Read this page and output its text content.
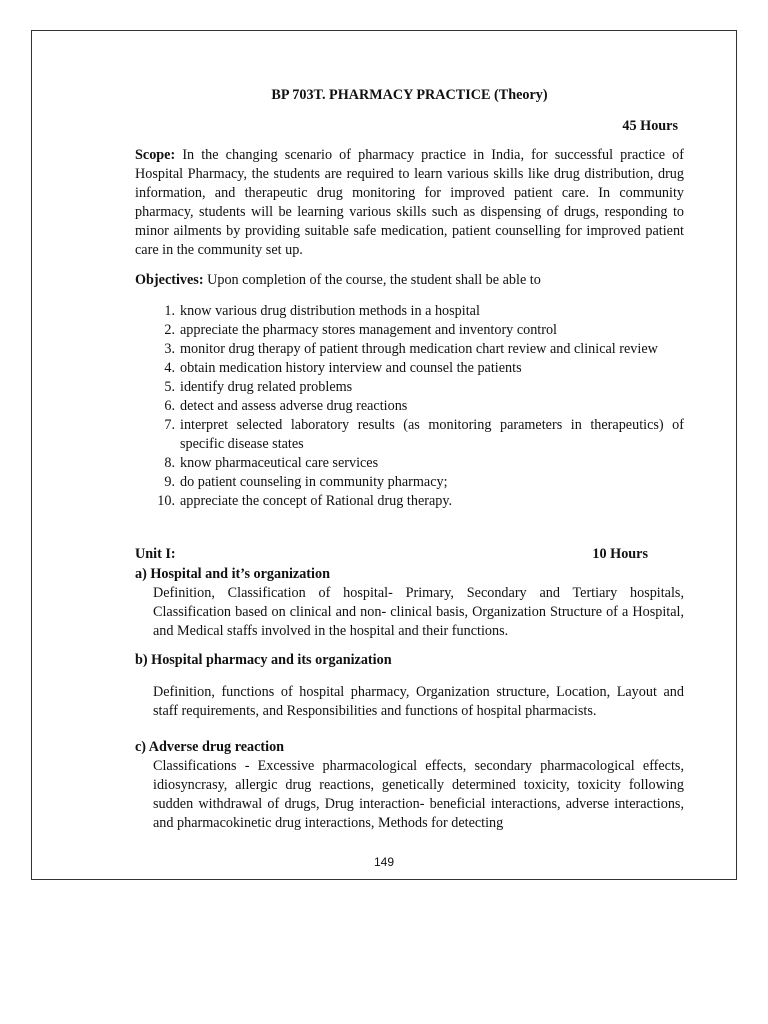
BP 703T. PHARMACY PRACTICE (Theory)
45 Hours
Scope: In the changing scenario of pharmacy practice in India, for successful practice of Hospital Pharmacy, the students are required to learn various skills like drug distribution, drug information, and therapeutic drug monitoring for improved patient care. In community pharmacy, students will be learning various skills such as dispensing of drugs, responding to minor ailments by providing suitable safe medication, patient counselling for improved patient care in the community set up.
Objectives: Upon completion of the course, the student shall be able to
1. know various drug distribution methods in a hospital
2. appreciate the pharmacy stores management and inventory control
3. monitor drug therapy of patient through medication chart review and clinical review
4. obtain medication history interview and counsel the patients
5. identify drug related problems
6. detect and assess adverse drug reactions
7. interpret selected laboratory results (as monitoring parameters in therapeutics) of specific disease states
8. know pharmaceutical care services
9. do patient counseling in community pharmacy;
10. appreciate the concept of Rational drug therapy.
Unit I:	10 Hours
a) Hospital and it’s organization
Definition, Classification of hospital- Primary, Secondary and Tertiary hospitals, Classification based on clinical and non- clinical basis, Organization Structure of a Hospital, and Medical staffs involved in the hospital and their functions.
b) Hospital pharmacy and its organization
Definition, functions of hospital pharmacy, Organization structure, Location, Layout and staff requirements, and Responsibilities and functions of hospital pharmacists.
c) Adverse drug reaction
Classifications - Excessive pharmacological effects, secondary pharmacological effects, idiosyncrasy, allergic drug reactions, genetically determined toxicity, toxicity following sudden withdrawal of drugs, Drug interaction- beneficial interactions, adverse interactions, and pharmacokinetic drug interactions, Methods for detecting
149
